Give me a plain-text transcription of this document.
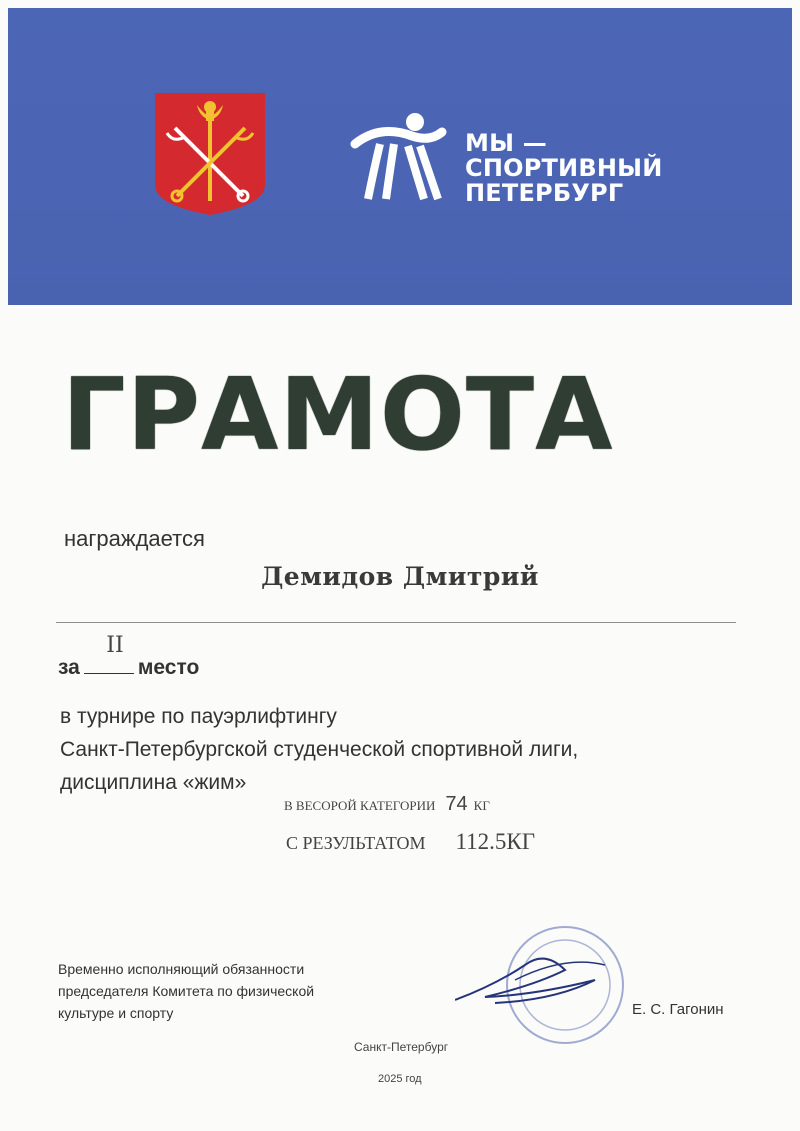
МЫ —
СПОРТИВНЫЙ
ПЕТЕРБУРГ
ГРАМОТА
награждается
Демидов Дмитрий
II
за	место
в турнире по пауэрлифтингу
Санкт-Петербургской студенческой спортивной лиги,
дисциплина «жим»
В ВЕСОРОЙ КАТЕГОРИИ 74 КГ
С РЕЗУЛЬТАТОМ 112.5КГ
Временно исполняющий обязанности
председателя Комитета по физической
культуре и спорту	Е. С. Гагонин
Санкт-Петербург
2025 год
